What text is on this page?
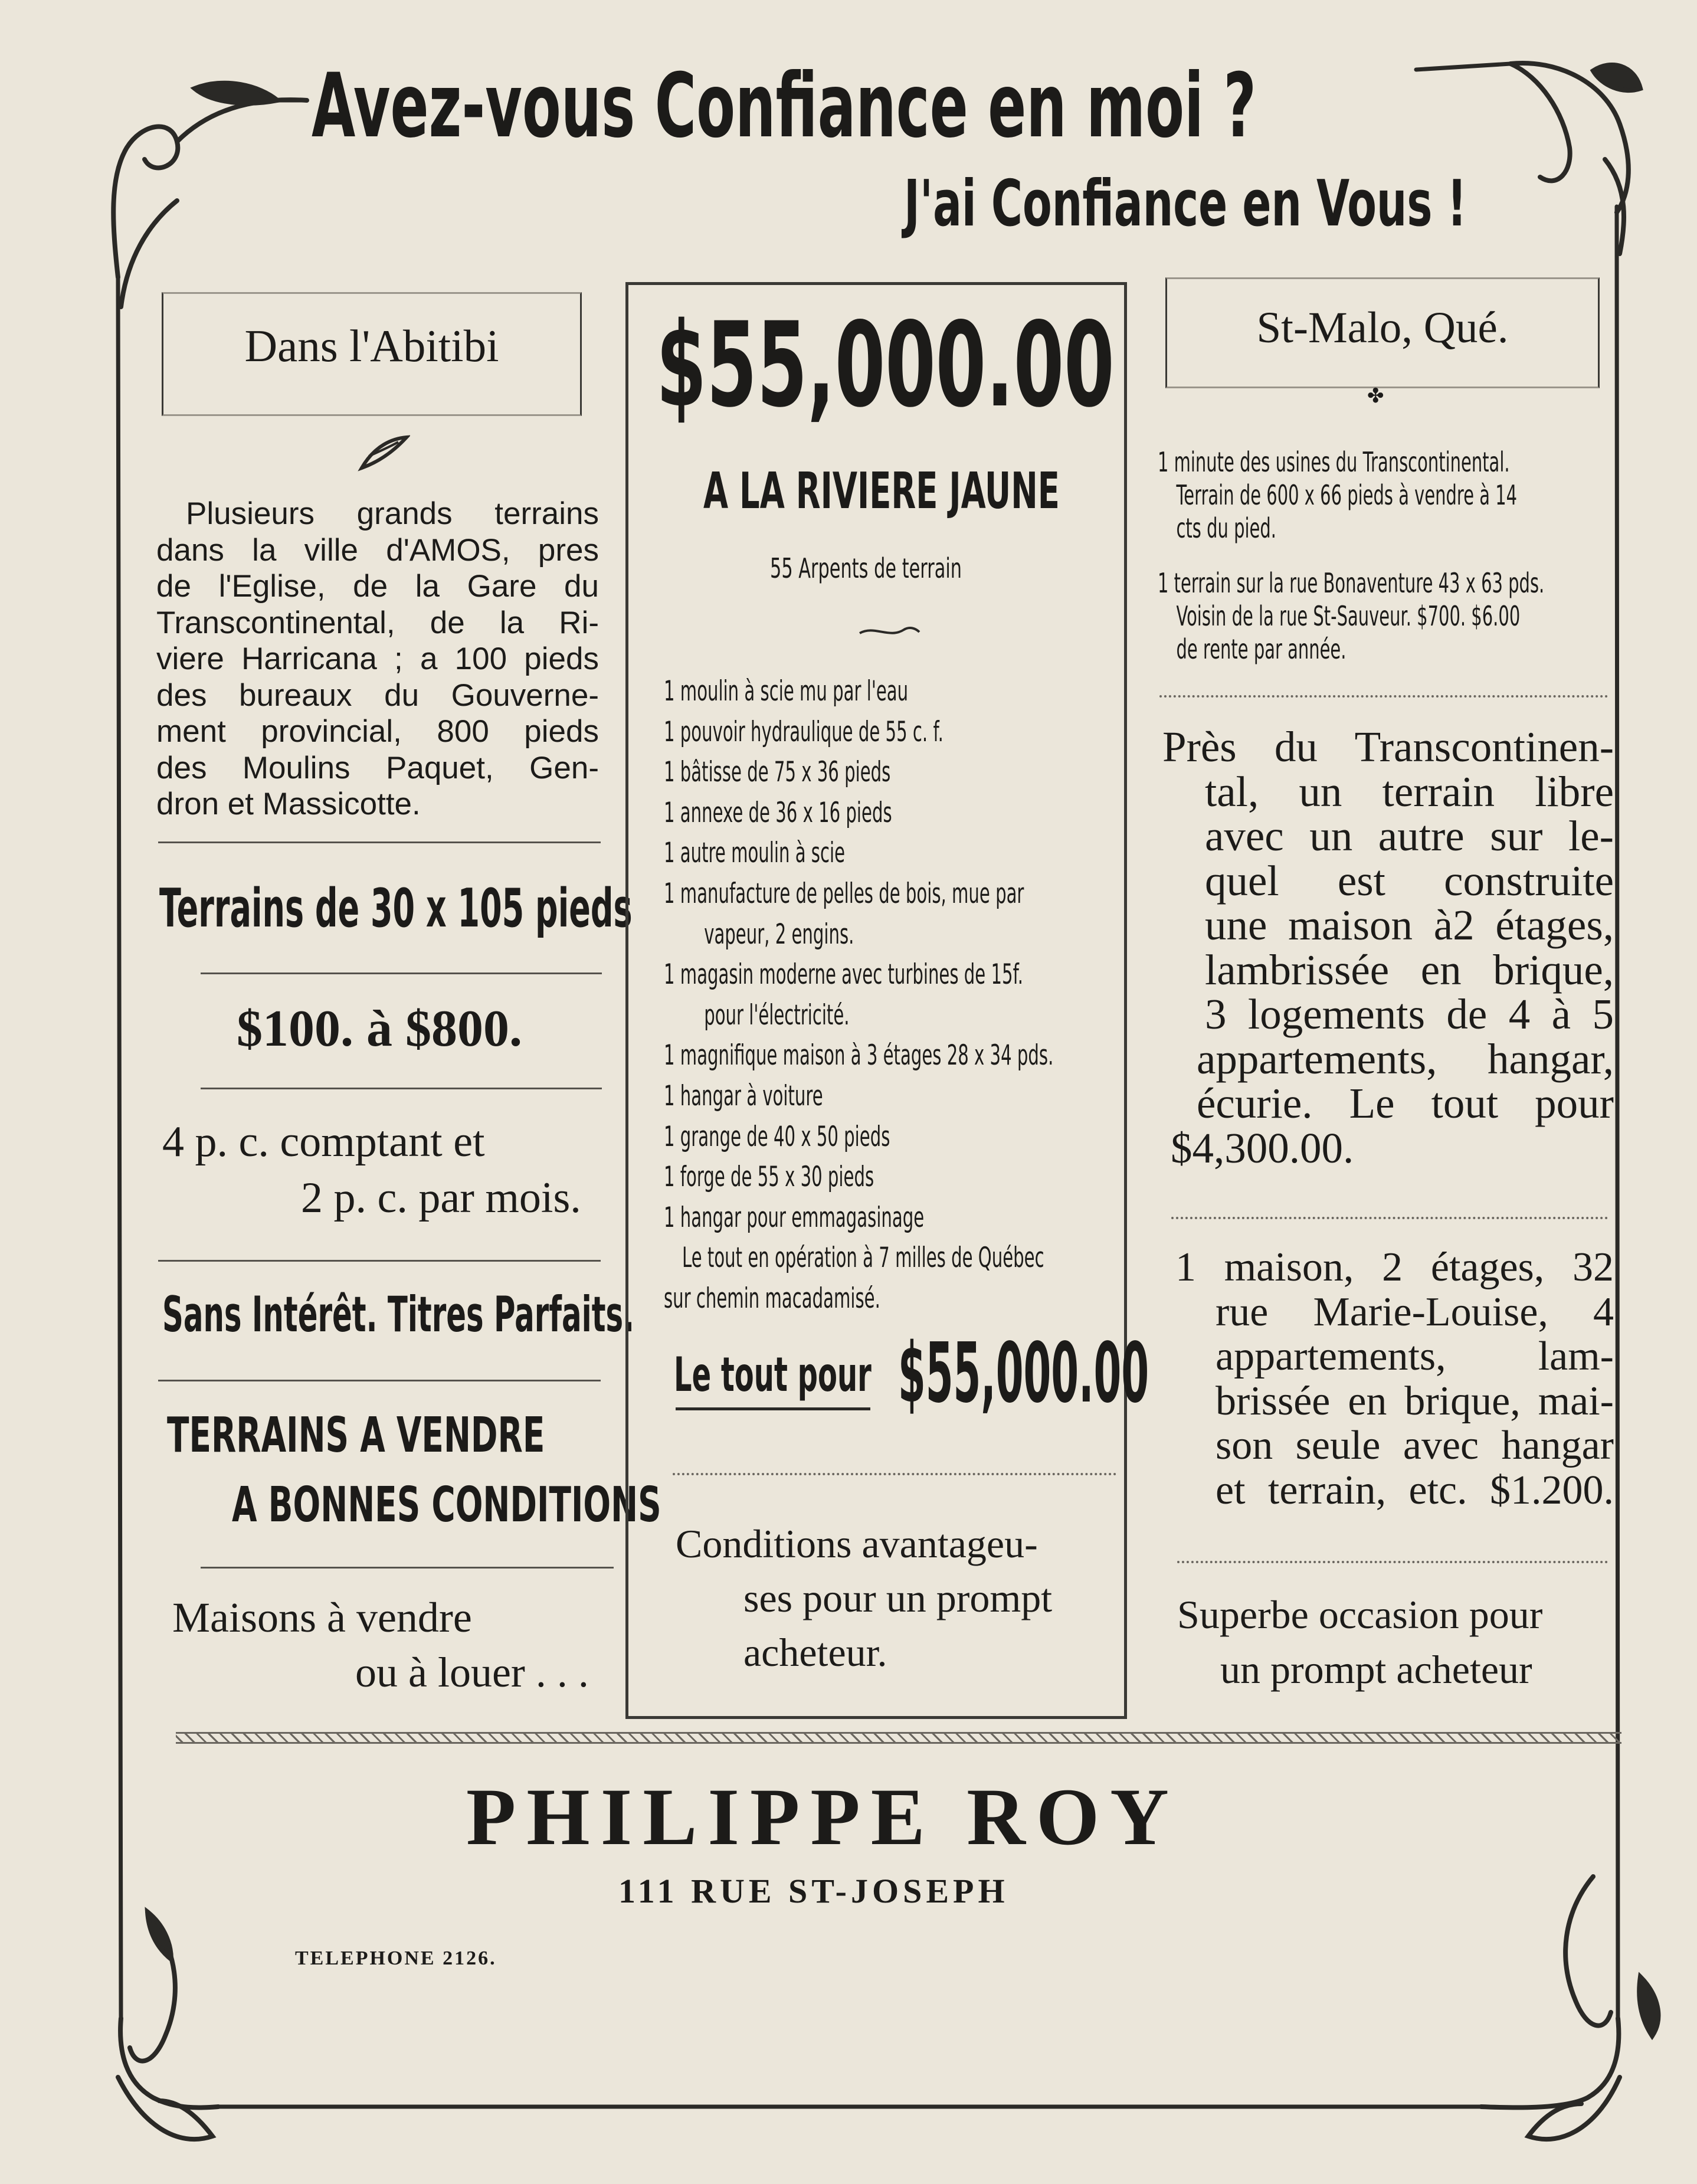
Avez-vous Confiance en moi ?
J'ai Confiance en Vous !
Dans l'Abitibi
Plusieurs grands terrains
dans la ville d'AMOS, pres
de l'Eglise, de la Gare du
Transcontinental, de la Ri-
viere Harricana ; a 100 pieds
des bureaux du Gouverne-
ment provincial, 800 pieds
des Moulins Paquet, Gen-
dron et Massicotte.
Terrains de 30 x 105 pieds
$100. à $800.
4 p. c. comptant et
2 p. c. par mois.
Sans Intérêt. Titres Parfaits.
TERRAINS A VENDRE
A BONNES CONDITIONS
Maisons à vendre
ou à louer . . .
$55,000.00
A LA RIVIERE JAUNE
55 Arpents de terrain
1 moulin à scie mu par l'eau
1 pouvoir hydraulique de 55 c. f.
1 bâtisse de 75 x 36 pieds
1 annexe de 36 x 16 pieds
1 autre moulin à scie
1 manufacture de pelles de bois, mue par
vapeur, 2 engins.
1 magasin moderne avec turbines de 15f.
pour l'électricité.
1 magnifique maison à 3 étages 28 x 34 pds.
1 hangar à voiture
1 grange de 40 x 50 pieds
1 forge de 55 x 30 pieds
1 hangar pour emmagasinage
Le tout en opération à 7 milles de Québec
sur chemin macadamisé.
Le tout pour $55,000.00
Conditions avantageu-
ses pour un prompt
acheteur.
St-Malo, Qué.
✤
1 minute des usines du Transcontinental.
Terrain de 600 x 66 pieds à vendre à 14
cts du pied.
1 terrain sur la rue Bonaventure 43 x 63 pds.
Voisin de la rue St-Sauveur. $700. $6.00
de rente par année.
Près du Transcontinen-
tal, un terrain libre
avec un autre sur le-
quel est construite
une maison à2 étages,
lambrissée en brique,
3 logements de 4 à 5
appartements, hangar,
écurie. Le tout pour
$4,300.00.
1 maison, 2 étages, 32
rue Marie-Louise, 4
appartements, lam-
brissée en brique, mai-
son seule avec hangar
et terrain, etc. $1.200.
Superbe occasion pour
un prompt acheteur
PHILIPPE ROY
111 RUE ST-JOSEPH
TELEPHONE 2126.
